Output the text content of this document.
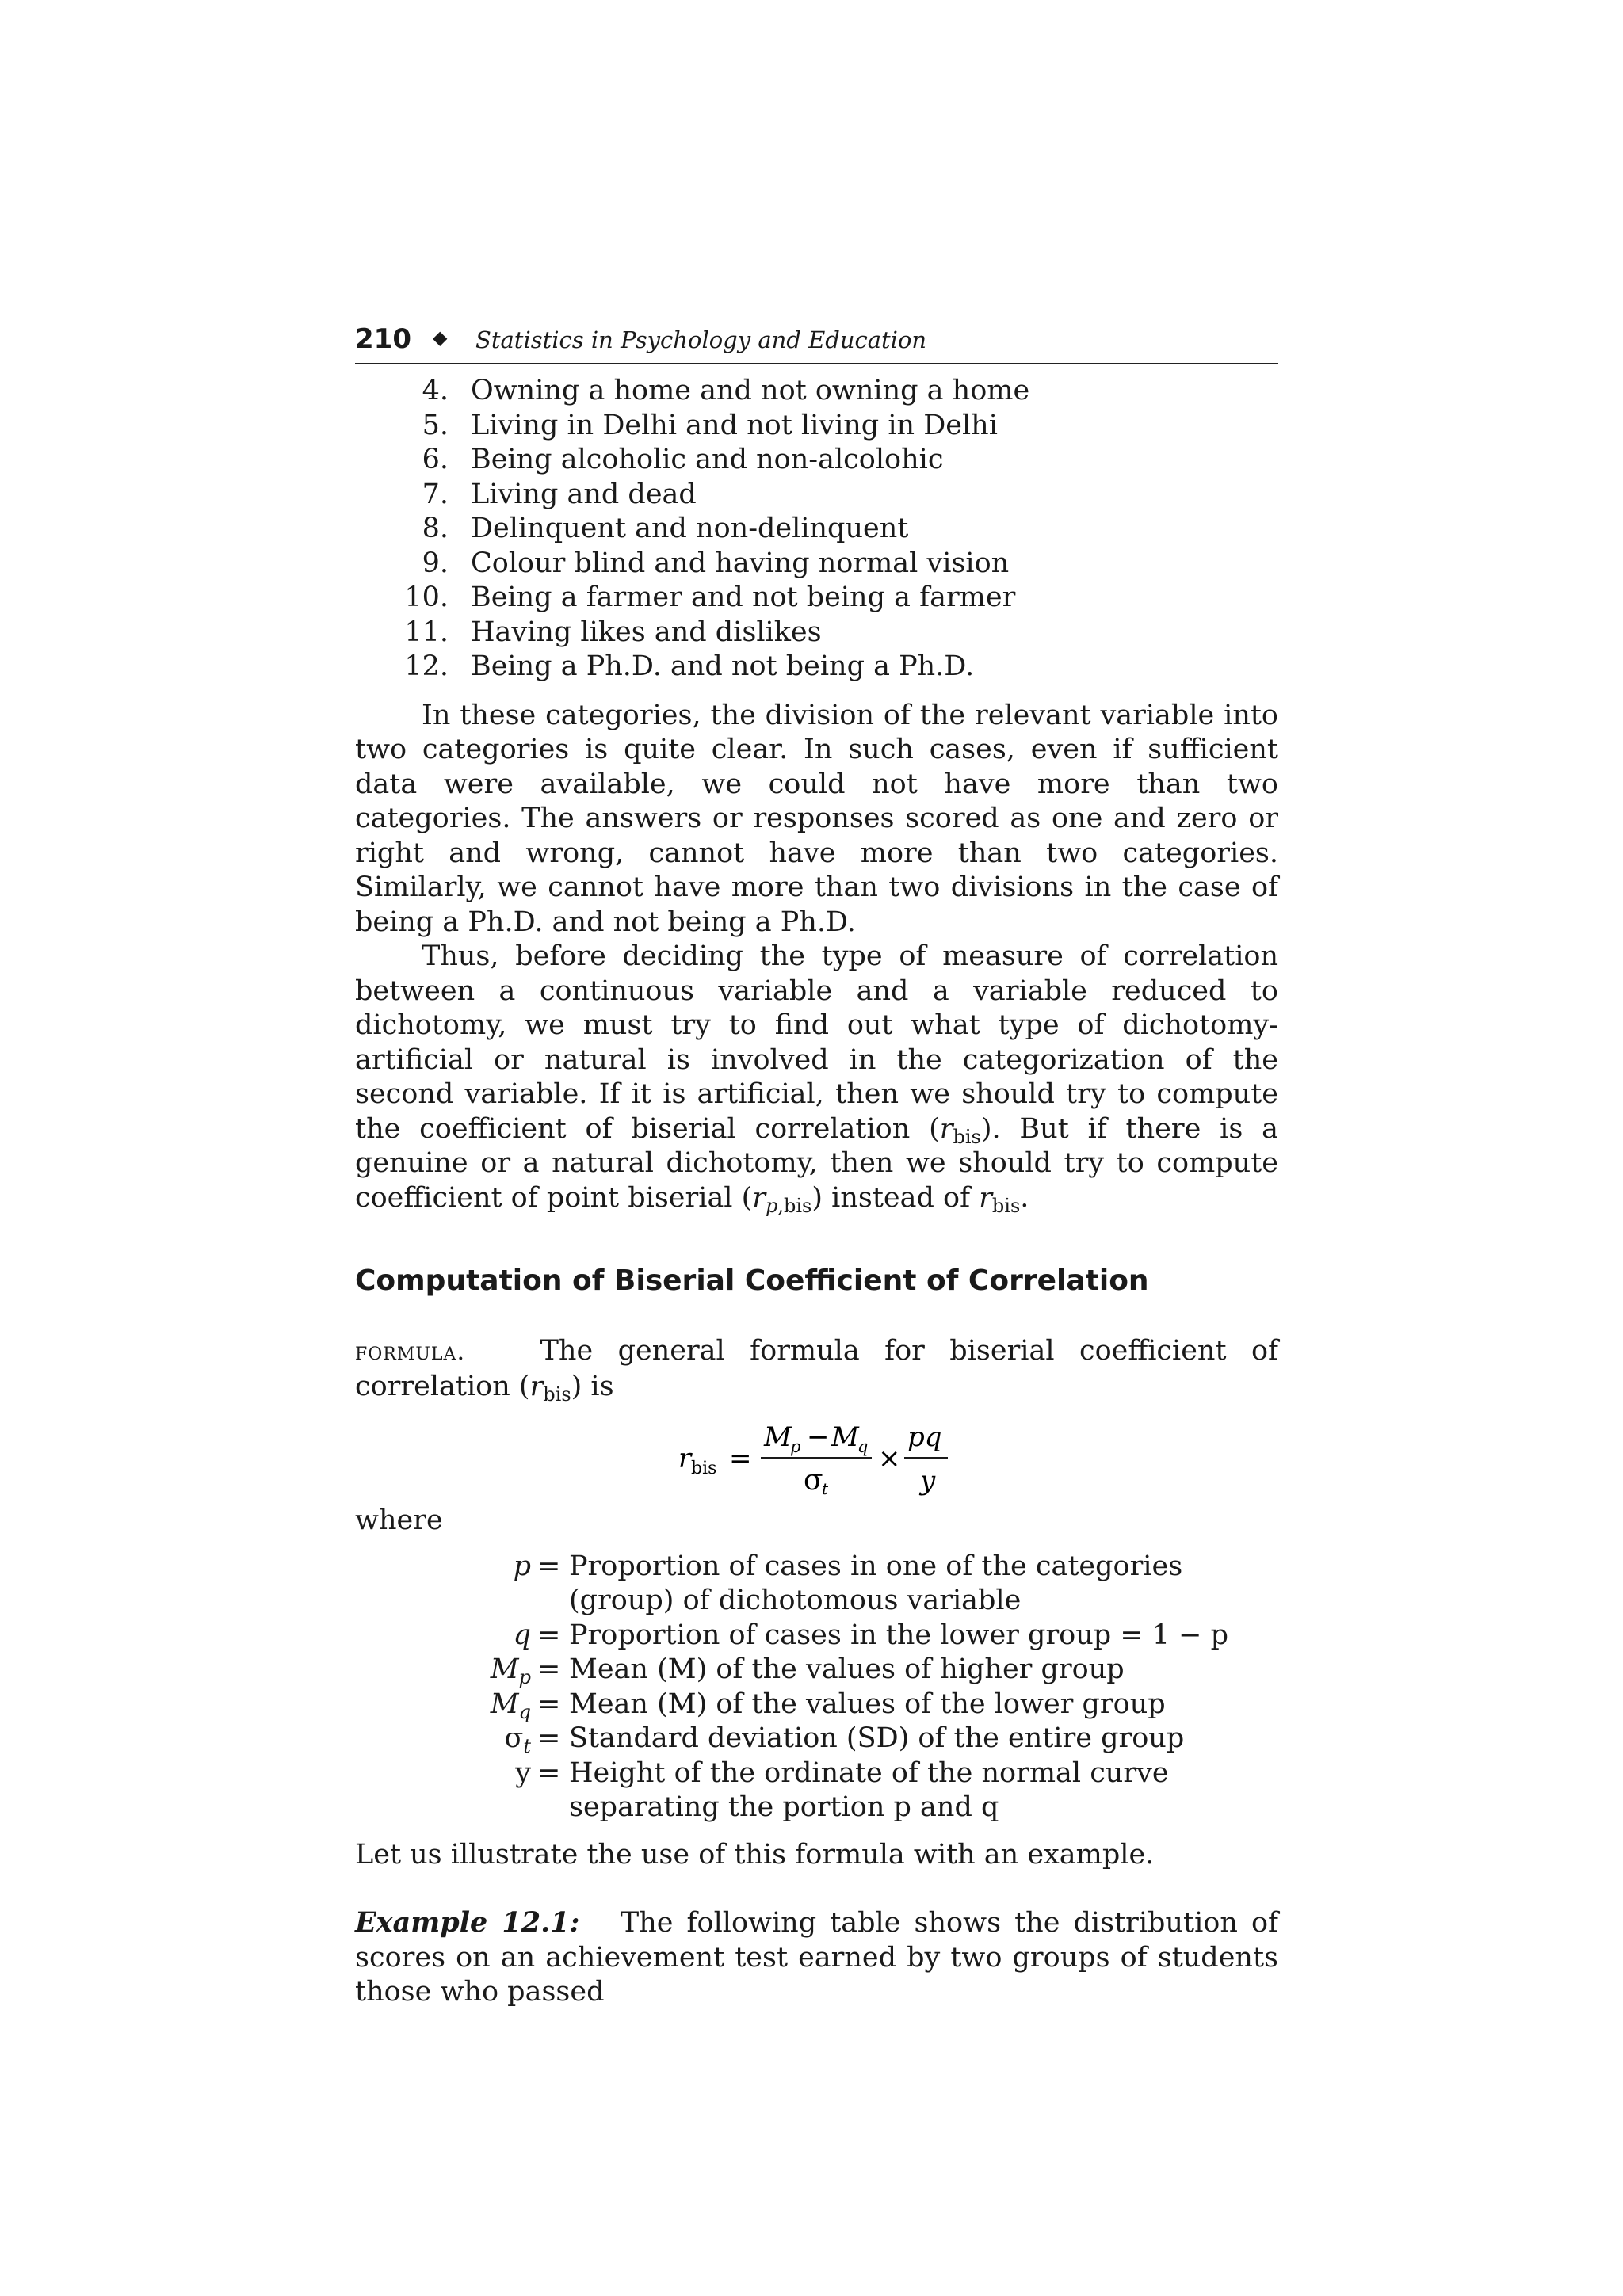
210 ◆ Statistics in Psychology and Education
4. Owning a home and not owning a home
5. Living in Delhi and not living in Delhi
6. Being alcoholic and non-alcolohic
7. Living and dead
8. Delinquent and non-delinquent
9. Colour blind and having normal vision
10. Being a farmer and not being a farmer
11. Having likes and dislikes
12. Being a Ph.D. and not being a Ph.D.

In these categories, the division of the relevant variable into two categories is quite clear. In such cases, even if sufficient data were available, we could not have more than two categories. The answers or responses scored as one and zero or right and wrong, cannot have more than two categories. Similarly, we cannot have more than two divisions in the case of being a Ph.D. and not being a Ph.D.

Thus, before deciding the type of measure of correlation between a continuous variable and a variable reduced to dichotomy, we must try to find out what type of dichotomy-artificial or natural is involved in the categorization of the second variable. If it is artificial, then we should try to compute the coefficient of biserial correlation $(r_{bis})$. But if there is a genuine or a natural dichotomy, then we should try to compute coefficient of point biserial $(r_{p,bis})$ instead of $r_{bis}$.

Computation of Biserial Coefficient of Correlation
formula.	The general formula for biserial coefficient of correlation $(r_{bis})$ is
r bis =
M
p − M
q
σ
t
×
pq
y
where
p = Proportion of cases in one of the categories (group) of dichotomous variable
q = Proportion of cases in the lower group = 1 − p
$M_p$ = Mean (M) of the values of higher group
$M_q$ = Mean (M) of the values of the lower group
$\sigma_t$ = Standard deviation (SD) of the entire group
y = Height of the ordinate of the normal curve separating the portion p and q
Let us illustrate the use of this formula with an example.
Example 12.1: The following table shows the distribution of scores on an achievement test earned by two groups of students those who passed
